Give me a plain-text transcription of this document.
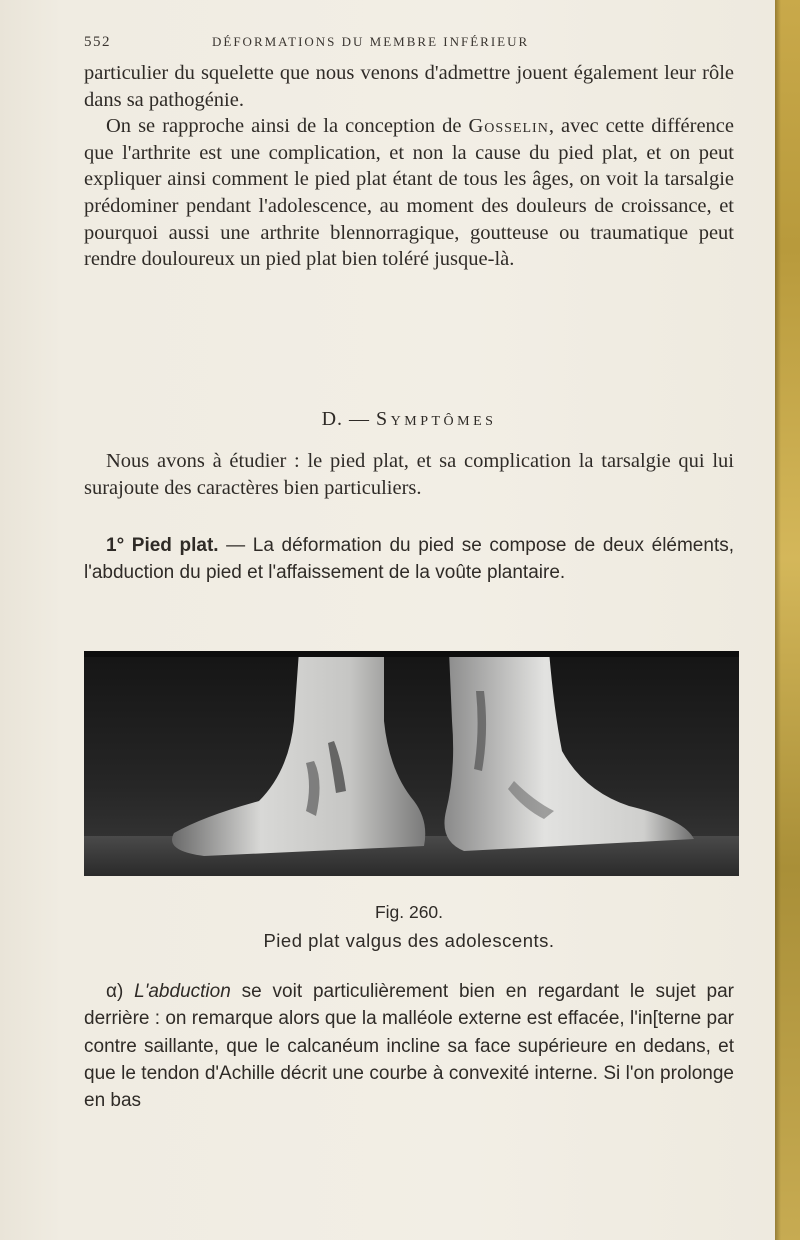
552	DÉFORMATIONS DU MEMBRE INFÉRIEUR

particulier du squelette que nous venons d'admettre jouent également leur rôle dans sa pathogénie.

On se rapproche ainsi de la conception de Gosselin, avec cette différence que l'arthrite est une complication, et non la cause du pied plat, et on peut expliquer ainsi comment le pied plat étant de tous les âges, on voit la tarsalgie prédominer pendant l'adolescence, au moment des douleurs de croissance, et pourquoi aussi une arthrite blennorragique, goutteuse ou traumatique peut rendre douloureux un pied plat bien toléré jusque-là.

D. — Symptômes

Nous avons à étudier : le pied plat, et sa complication la tarsalgie qui lui surajoute des caractères bien particuliers.

1° Pied plat. — La déformation du pied se compose de deux éléments, l'abduction du pied et l'affaissement de la voûte plantaire.

Fig. 260.
Pied plat valgus des adolescents.

α) L'abduction se voit particulièrement bien en regardant le sujet par derrière : on remarque alors que la malléole externe est effacée, l'in[terne par contre saillante, que le calcanéum incline sa face supérieure en dedans, et que le tendon d'Achille décrit une courbe à convexité interne. Si l'on prolonge en bas
